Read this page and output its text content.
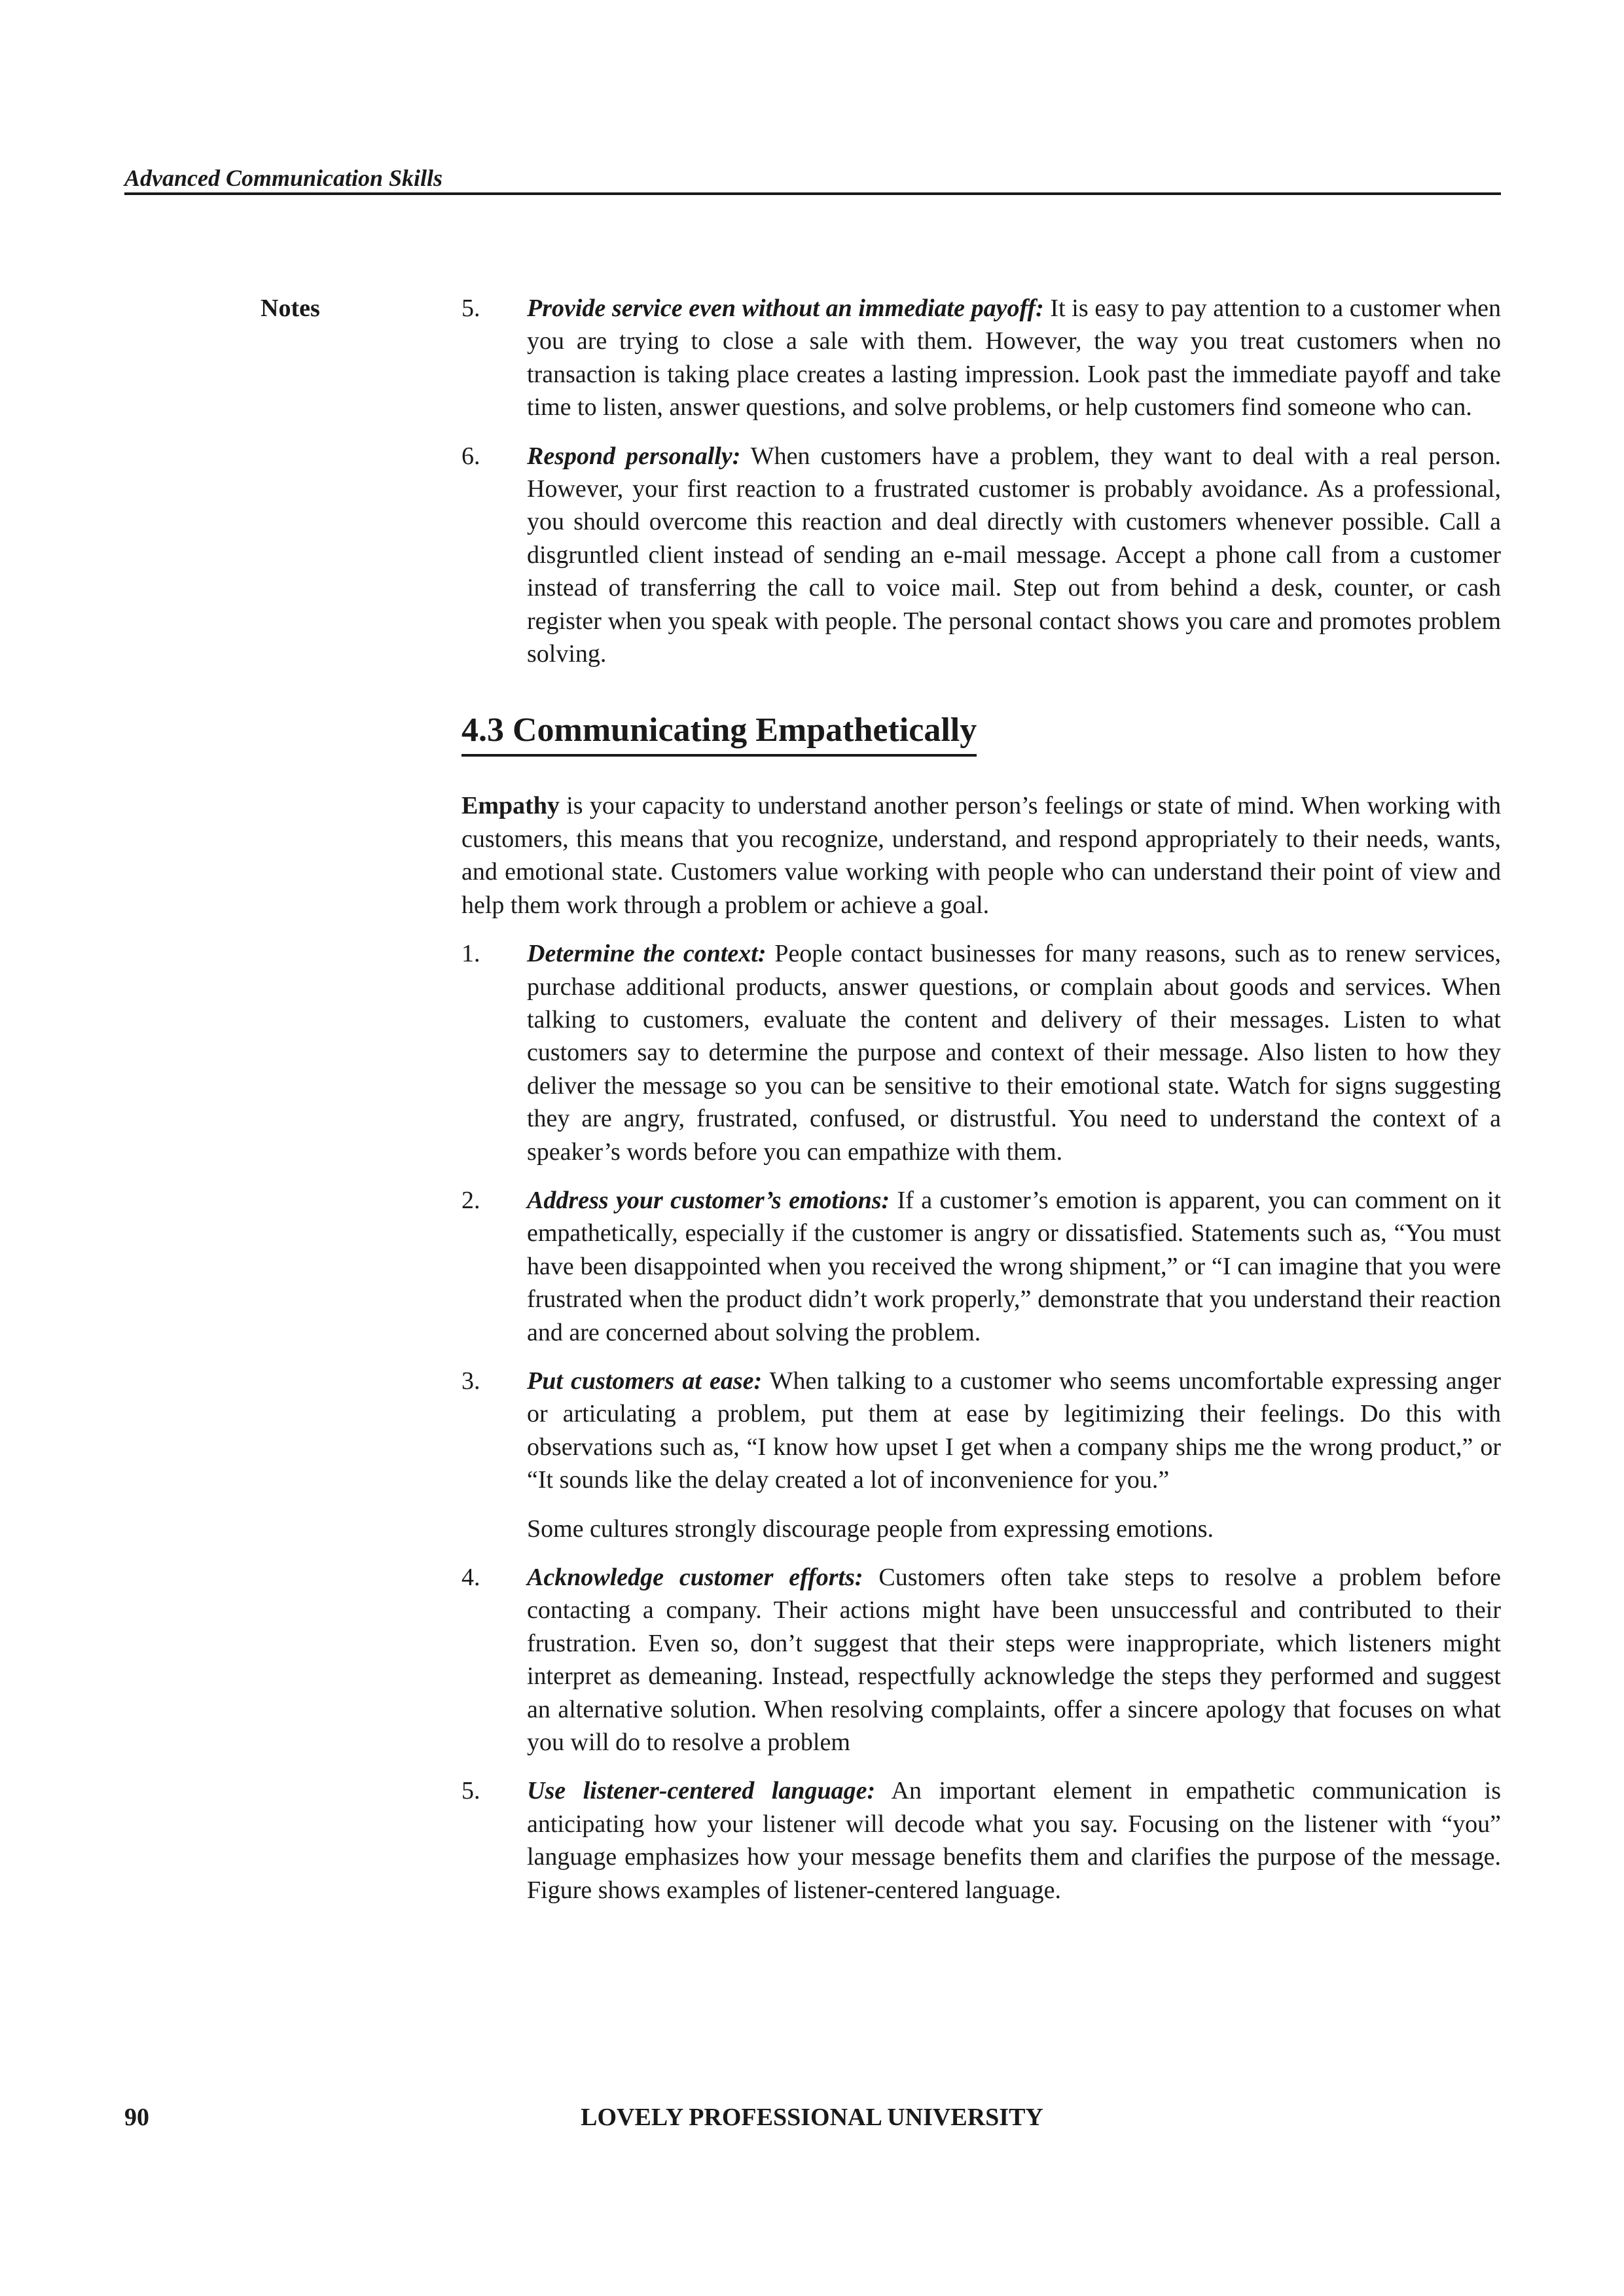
Advanced Communication Skills
Notes	5. Provide service even without an immediate payoff: It is easy to pay attention to a customer when you are trying to close a sale with them. However, the way you treat customers when no transaction is taking place creates a lasting impression. Look past the immediate payoff and take time to listen, answer questions, and solve problems, or help customers find someone who can.
6. Respond personally: When customers have a problem, they want to deal with a real person. However, your first reaction to a frustrated customer is probably avoidance. As a professional, you should overcome this reaction and deal directly with customers whenever possible. Call a disgruntled client instead of sending an e-mail message. Accept a phone call from a customer instead of transferring the call to voice mail. Step out from behind a desk, counter, or cash register when you speak with people. The personal contact shows you care and promotes problem solving.
4.3 Communicating Empathetically

Empathy is your capacity to understand another person’s feelings or state of mind. When working with customers, this means that you recognize, understand, and respond appropriately to their needs, wants, and emotional state. Customers value working with people who can understand their point of view and help them work through a problem or achieve a goal.

1. Determine the context: People contact businesses for many reasons, such as to renew services, purchase additional products, answer questions, or complain about goods and services. When talking to customers, evaluate the content and delivery of their messages. Listen to what customers say to determine the purpose and context of their message. Also listen to how they deliver the message so you can be sensitive to their emotional state. Watch for signs suggesting they are angry, frustrated, confused, or distrustful. You need to understand the context of a speaker’s words before you can empathize with them.
2. Address your customer’s emotions: If a customer’s emotion is apparent, you can comment on it empathetically, especially if the customer is angry or dissatisfied. Statements such as, “You must have been disappointed when you received the wrong shipment,” or “I can imagine that you were frustrated when the product didn’t work properly,” demonstrate that you understand their reaction and are concerned about solving the problem.
3. Put customers at ease: When talking to a customer who seems uncomfortable expressing anger or articulating a problem, put them at ease by legitimizing their feelings. Do this with observations such as, “I know how upset I get when a company ships me the wrong product,” or “It sounds like the delay created a lot of inconvenience for you.”

Some cultures strongly discourage people from expressing emotions.

4. Acknowledge customer efforts: Customers often take steps to resolve a problem before contacting a company. Their actions might have been unsuccessful and contributed to their frustration. Even so, don’t suggest that their steps were inappropriate, which listeners might interpret as demeaning. Instead, respectfully acknowledge the steps they performed and suggest an alternative solution. When resolving complaints, offer a sincere apology that focuses on what you will do to resolve a problem
5. Use listener-centered language: An important element in empathetic communication is anticipating how your listener will decode what you say. Focusing on the listener with “you” language emphasizes how your message benefits them and clarifies the purpose of the message. Figure shows examples of listener-centered language.
90	LOVELY PROFESSIONAL UNIVERSITY
